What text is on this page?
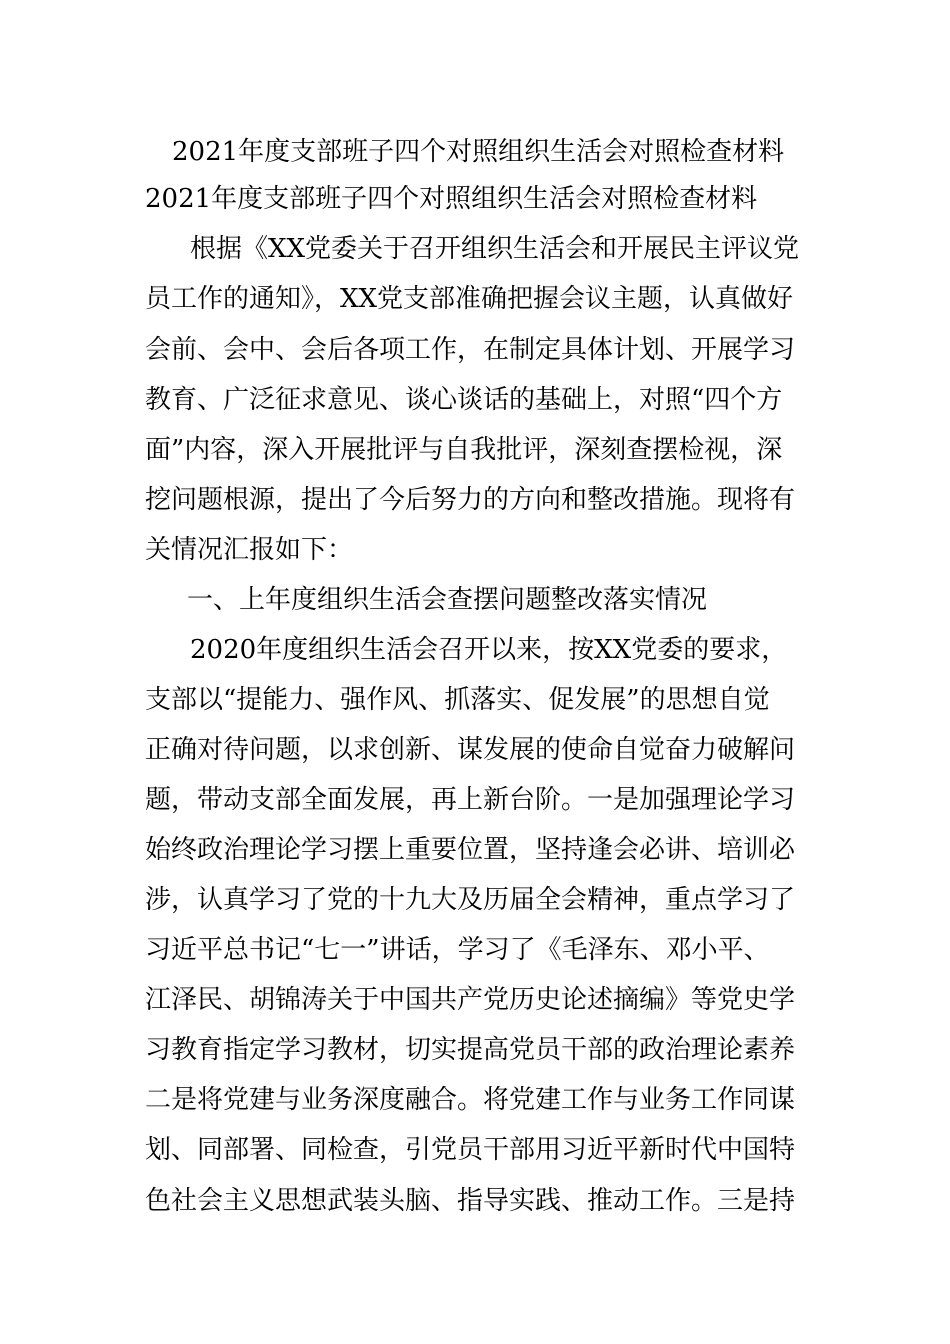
2021年度支部班子四个对照组织生活会对照检查材料
2021年度支部班子四个对照组织生活会对照检查材料
根据《XX党委关于召开组织生活会和开展民主评议党
员工作的通知》，XX党支部准确把握会议主题，认真做好
会前、会中、会后各项工作，在制定具体计划、开展学习
教育、广泛征求意见、谈心谈话的基础上，对照“四个方
面”内容，深入开展批评与自我批评，深刻查摆检视，深
挖问题根源，提出了今后努力的方向和整改措施。现将有
关情况汇报如下：
一、上年度组织生活会查摆问题整改落实情况
2020年度组织生活会召开以来，按XX党委的要求，
支部以“提能力、强作风、抓落实、促发展”的思想自觉
正确对待问题，以求创新、谋发展的使命自觉奋力破解问
题，带动支部全面发展，再上新台阶。一是加强理论学习
始终政治理论学习摆上重要位置，坚持逢会必讲、培训必
涉，认真学习了党的十九大及历届全会精神，重点学习了
习近平总书记“七一”讲话，学习了《毛泽东、邓小平、
江泽民、胡锦涛关于中国共产党历史论述摘编》等党史学
习教育指定学习教材，切实提高党员干部的政治理论素养
二是将党建与业务深度融合。将党建工作与业务工作同谋
划、同部署、同检查，引党员干部用习近平新时代中国特
色社会主义思想武装头脑、指导实践、推动工作。三是持
